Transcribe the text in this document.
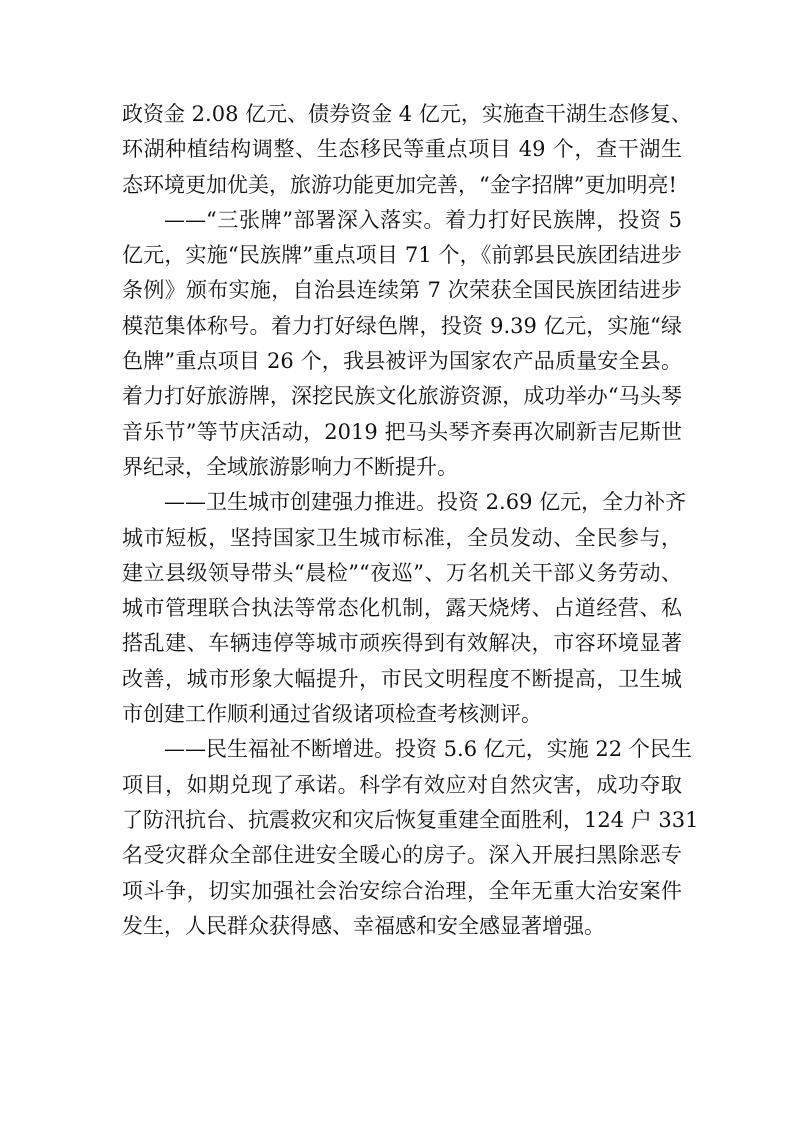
政资金 2.08 亿元、债券资金 4 亿元，实施查干湖生态修复、
环湖种植结构调整、生态移民等重点项目 49 个，查干湖生
态环境更加优美，旅游功能更加完善，“金字招牌”更加明亮!
——“三张牌”部署深入落实。着力打好民族牌，投资 5
亿元，实施“民族牌”重点项目 71 个，《前郭县民族团结进步
条例》颁布实施，自治县连续第 7 次荣获全国民族团结进步
模范集体称号。着力打好绿色牌，投资 9.39 亿元，实施“绿
色牌”重点项目 26 个，我县被评为国家农产品质量安全县。
着力打好旅游牌，深挖民族文化旅游资源，成功举办“马头琴
音乐节”等节庆活动，2019 把马头琴齐奏再次刷新吉尼斯世
界纪录，全域旅游影响力不断提升。
——卫生城市创建强力推进。投资 2.69 亿元，全力补齐
城市短板，坚持国家卫生城市标准，全员发动、全民参与，
建立县级领导带头“晨检”“夜巡”、万名机关干部义务劳动、
城市管理联合执法等常态化机制，露天烧烤、占道经营、私
搭乱建、车辆违停等城市顽疾得到有效解决，市容环境显著
改善，城市形象大幅提升，市民文明程度不断提高，卫生城
市创建工作顺利通过省级诸项检查考核测评。
——民生福祉不断增进。投资 5.6 亿元，实施 22 个民生
项目，如期兑现了承诺。科学有效应对自然灾害，成功夺取
了防汛抗台、抗震救灾和灾后恢复重建全面胜利，124 户 331
名受灾群众全部住进安全暖心的房子。深入开展扫黑除恶专
项斗争，切实加强社会治安综合治理，全年无重大治安案件
发生，人民群众获得感、幸福感和安全感显著增强。
